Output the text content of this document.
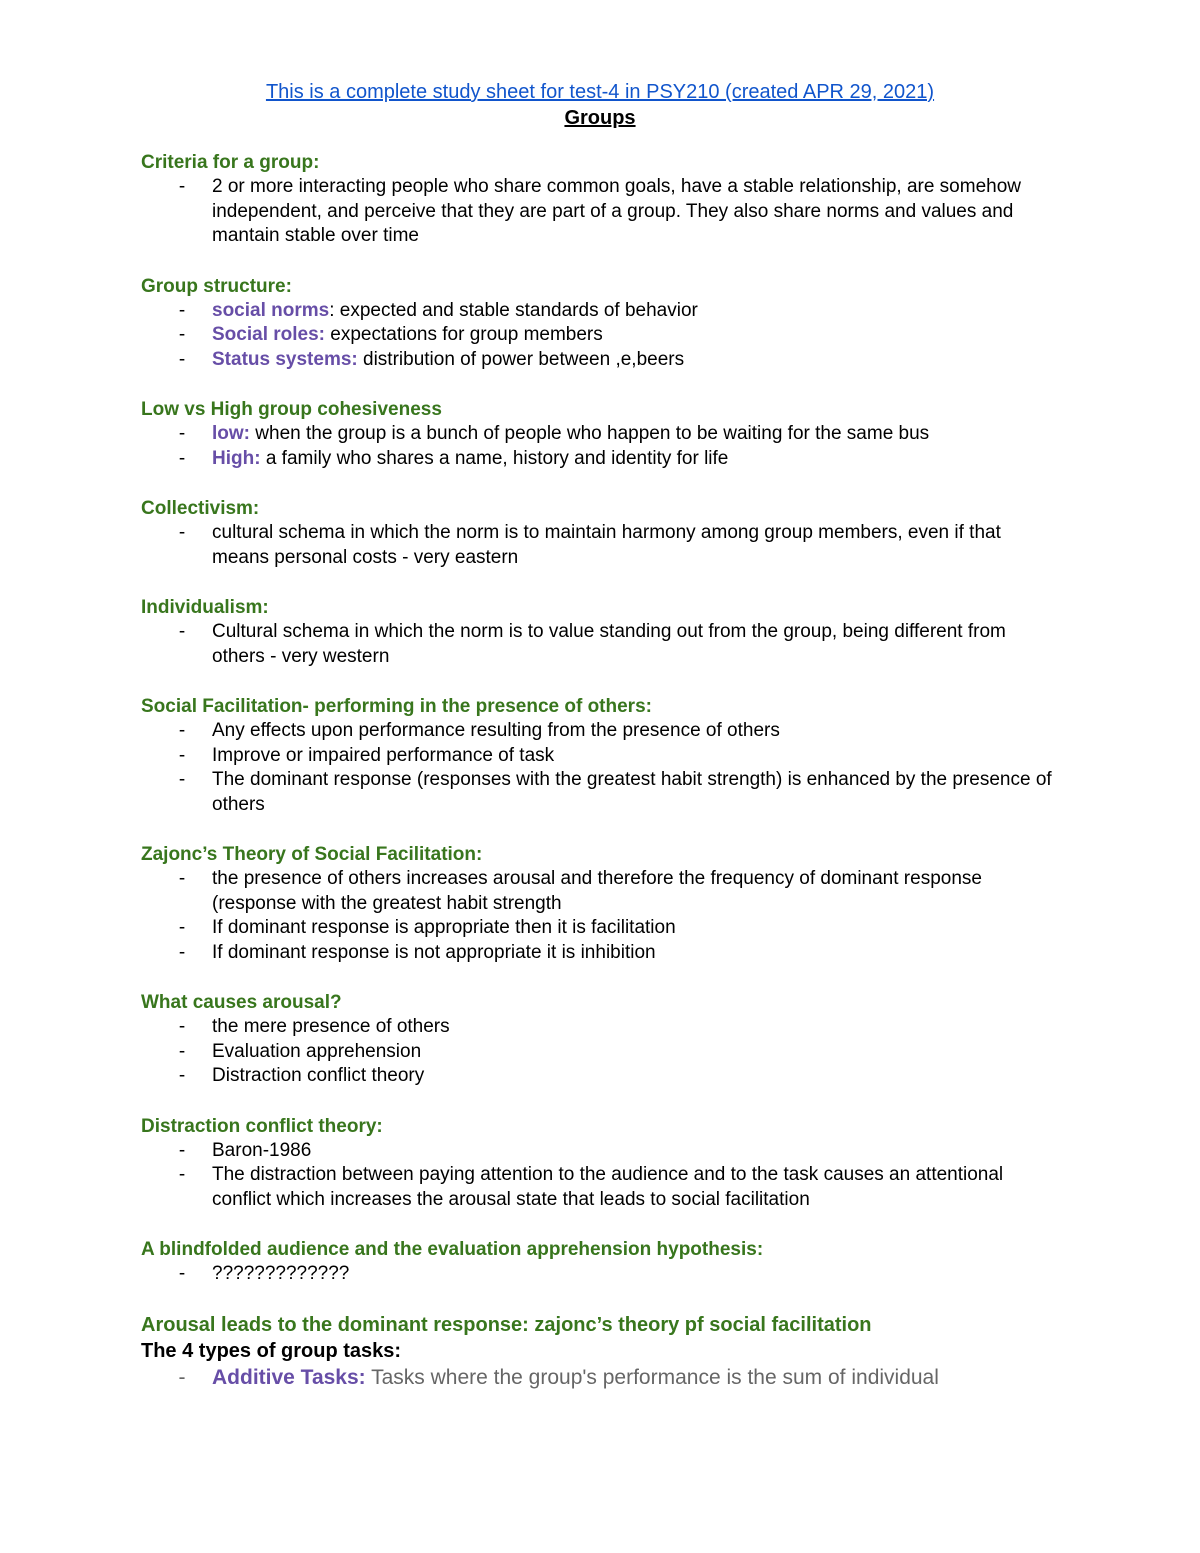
This is a complete study sheet for test-4 in PSY210 (created APR 29, 2021)
Groups
Criteria for a group:
- 2 or more interacting people who share common goals, have a stable relationship, are somehow independent, and perceive that they are part of a group. They also share norms and values and mantain stable over time
Group structure:
- social norms: expected and stable standards of behavior
- Social roles: expectations for group members
- Status systems: distribution of power between ,e,beers
Low vs High group cohesiveness
- low: when the group is a bunch of people who happen to be waiting for the same bus
- High: a family who shares a name, history and identity for life
Collectivism:
- cultural schema in which the norm is to maintain harmony among group members, even if that means personal costs - very eastern
Individualism:
- Cultural schema in which the norm is to value standing out from the group, being different from others - very western
Social Facilitation- performing in the presence of others:
- Any effects upon performance resulting from the presence of others
- Improve or impaired performance of task
- The dominant response (responses with the greatest habit strength) is enhanced by the presence of others
Zajonc’s Theory of Social Facilitation:
- the presence of others increases arousal and therefore the frequency of dominant response (response with the greatest habit strength
- If dominant response is appropriate then it is facilitation
- If dominant response is not appropriate it is inhibition
What causes arousal?
- the mere presence of others
- Evaluation apprehension
- Distraction conflict theory
Distraction conflict theory:
- Baron-1986
- The distraction between paying attention to the audience and to the task causes an attentional conflict which increases the arousal state that leads to social facilitation
A blindfolded audience and the evaluation apprehension hypothesis:
- ?????????????
Arousal leads to the dominant response: zajonc’s theory pf social facilitation
The 4 types of group tasks:
- Additive Tasks: Tasks where the group's performance is the sum of individual
